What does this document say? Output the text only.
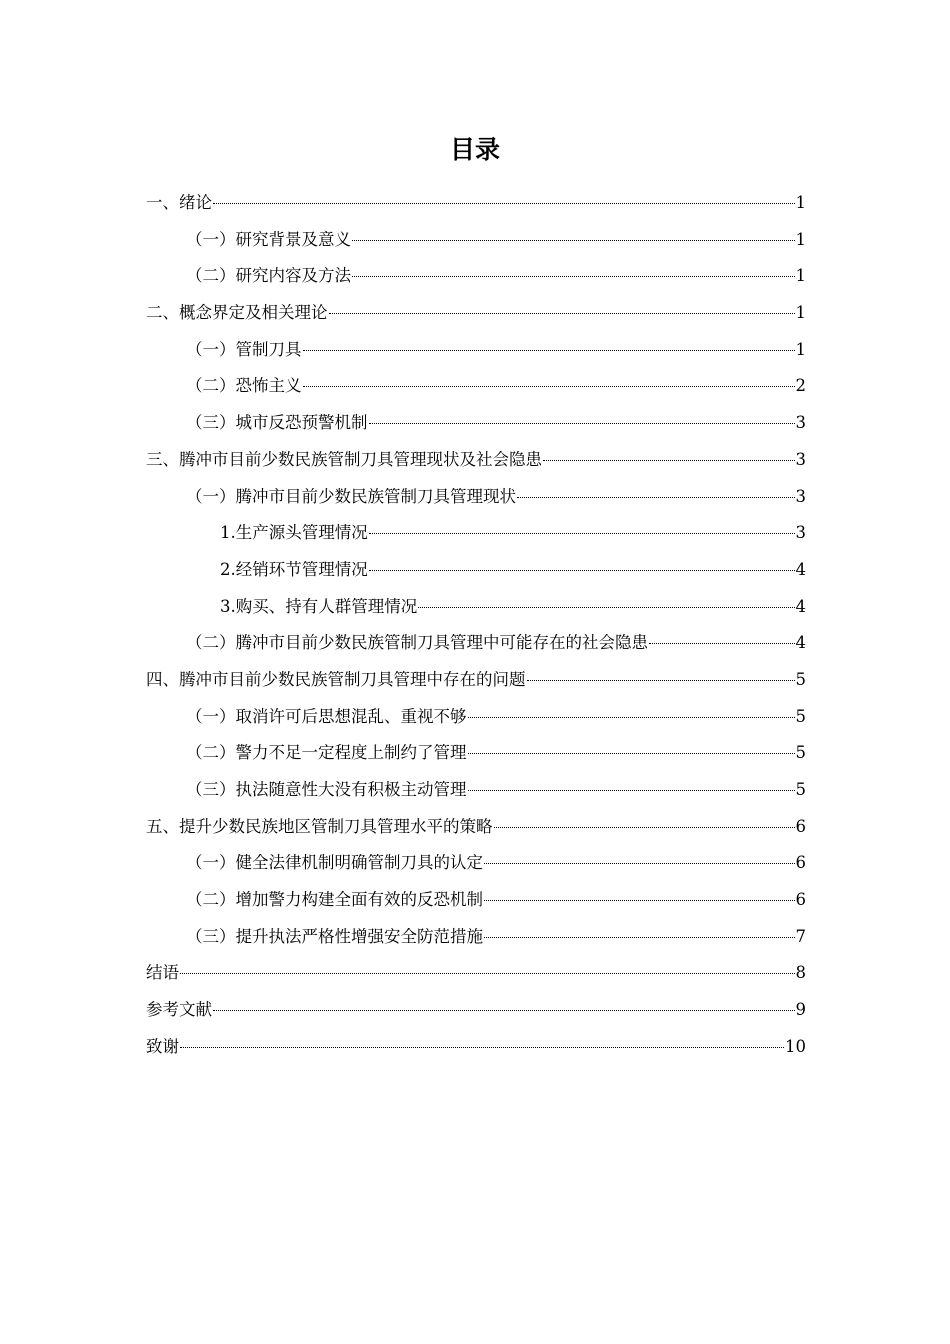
目录
一、绪论	1
（一）研究背景及意义	1
（二）研究内容及方法	1
二、概念界定及相关理论	1
（一）管制刀具	1
（二）恐怖主义	2
（三）城市反恐预警机制	3
三、腾冲市目前少数民族管制刀具管理现状及社会隐患	3
（一）腾冲市目前少数民族管制刀具管理现状	3
1.生产源头管理情况	3
2.经销环节管理情况	4
3.购买、持有人群管理情况	4
（二）腾冲市目前少数民族管制刀具管理中可能存在的社会隐患	4
四、腾冲市目前少数民族管制刀具管理中存在的问题	5
（一）取消许可后思想混乱、重视不够	5
（二）警力不足一定程度上制约了管理	5
（三）执法随意性大没有积极主动管理	5
五、提升少数民族地区管制刀具管理水平的策略	6
（一）健全法律机制明确管制刀具的认定	6
（二）增加警力构建全面有效的反恐机制	6
（三）提升执法严格性增强安全防范措施	7
结语	8
参考文献	9
致谢	10
